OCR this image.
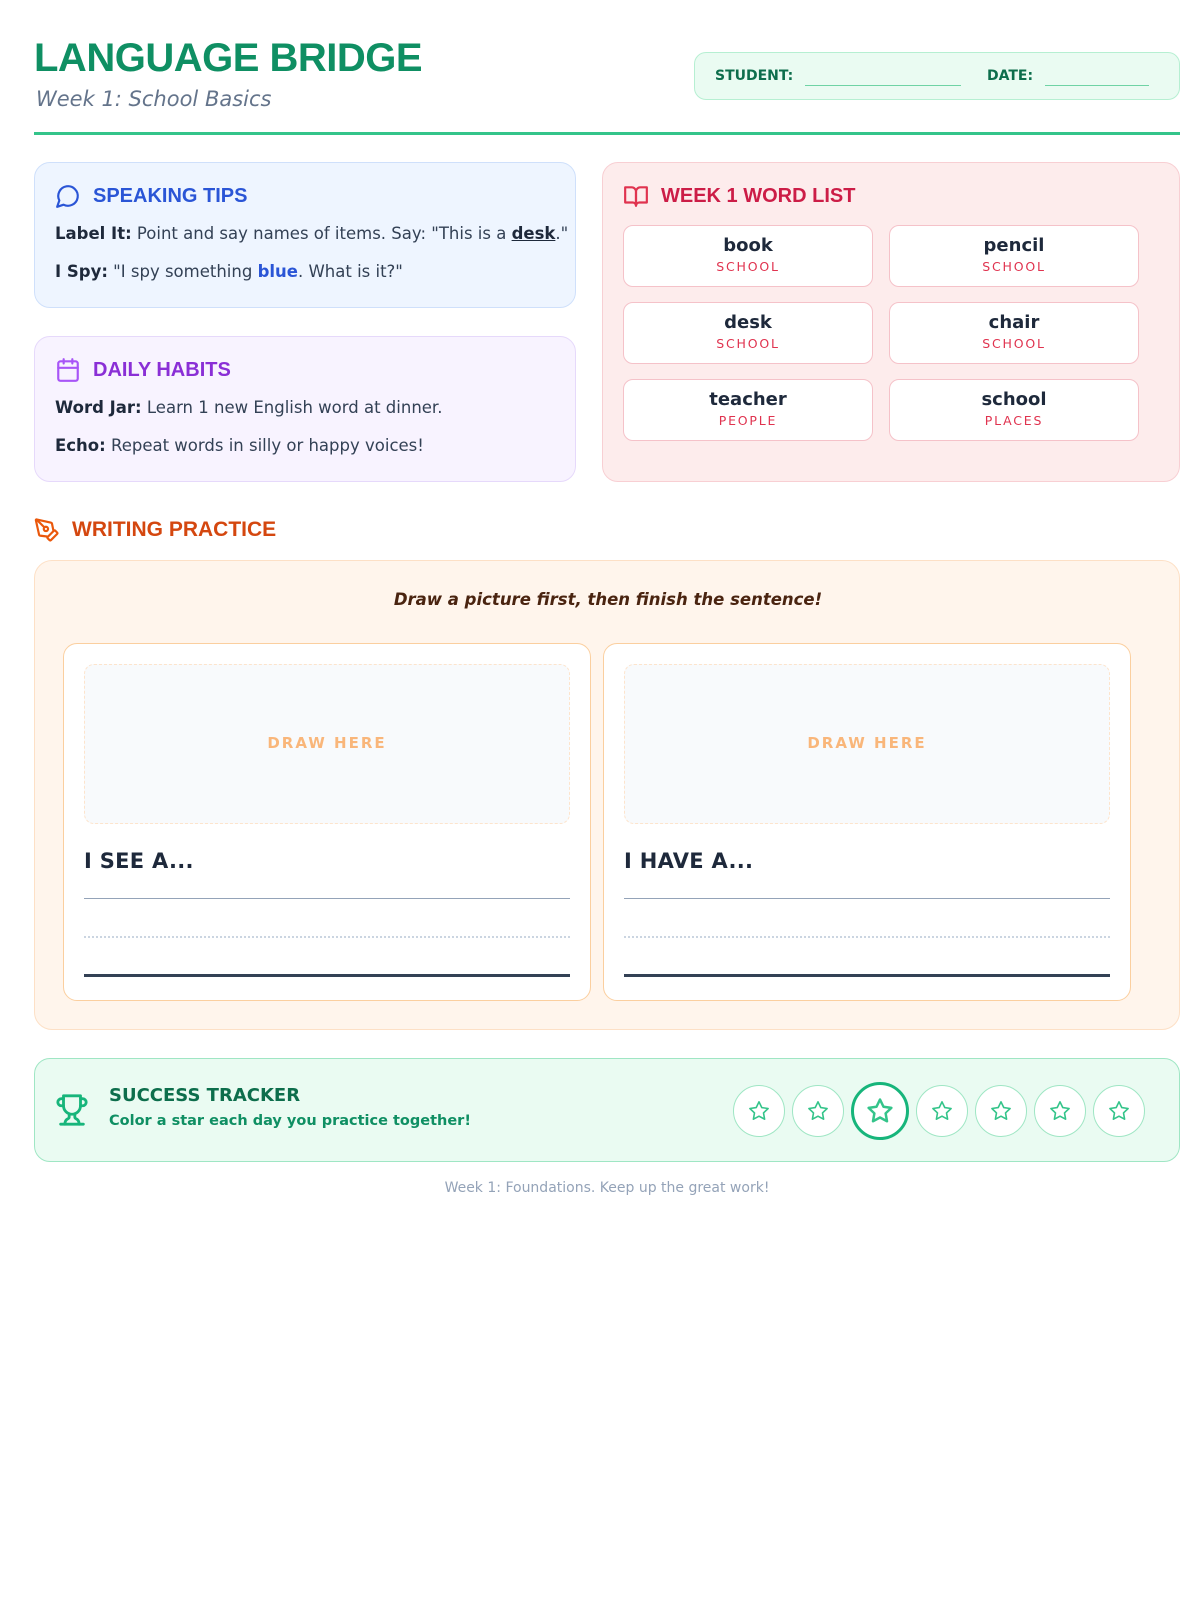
LANGUAGE BRIDGE
Week 1: School Basics
STUDENT:	DATE:
SPEAKING TIPS
Label It: Point and say names of items. Say: "This is a desk."
I Spy: "I spy something blue. What is it?"
DAILY HABITS
Word Jar: Learn 1 new English word at dinner.
Echo: Repeat words in silly or happy voices!
WEEK 1 WORD LIST
book
SCHOOL
pencil
SCHOOL
desk
SCHOOL
chair
SCHOOL
teacher
PEOPLE
school
PLACES
WRITING PRACTICE
Draw a picture first, then finish the sentence!
DRAW HERE
I SEE A...
DRAW HERE
I HAVE A...
SUCCESS TRACKER
Color a star each day you practice together!
Week 1: Foundations. Keep up the great work!
